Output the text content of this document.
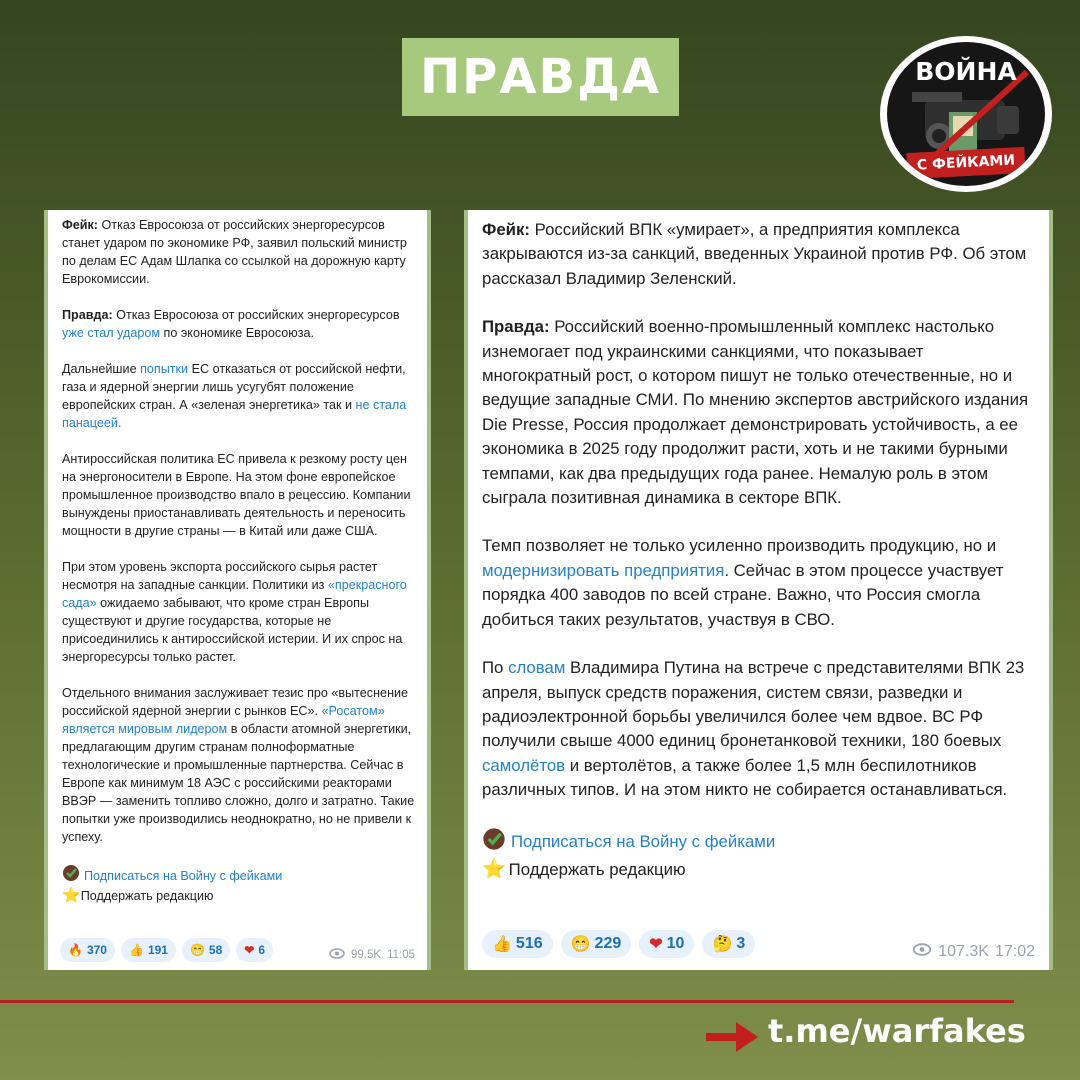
ПРАВДА	ВОЙНА
С ФЕЙКАМИ

Фейк: Отказ Евросоюза от российских энергоресурсов станет ударом по экономике РФ, заявил польский министр по делам ЕС Адам Шлапка со ссылкой на дорожную карту Еврокомиссии.

Правда: Отказ Евросоюза от российских энергоресурсов уже стал ударом по экономике Евросоюза.

Дальнейшие попытки ЕС отказаться от российской нефти, газа и ядерной энергии лишь усугубят положение европейских стран. А «зеленая энергетика» так и не стала панацеей.

Антироссийская политика ЕС привела к резкому росту цен на энергоносители в Европе. На этом фоне европейское промышленное производство впало в рецессию. Компании вынуждены приостанавливать деятельность и переносить мощности в другие страны — в Китай или даже США.

При этом уровень экспорта российского сырья растет несмотря на западные санкции. Политики из «прекрасного сада» ожидаемо забывают, что кроме стран Европы существуют и другие государства, которые не присоединились к антироссийской истерии. И их спрос на энергоресурсы только растет.

Отдельного внимания заслуживает тезис про «вытеснение российской ядерной энергии с рынков ЕС». «Росатом» является мировым лидером в области атомной энергетики, предлагающим другим странам полноформатные технологические и промышленные партнерства. Сейчас в Европе как минимум 18 АЭС с российскими реакторами ВВЭР — заменить топливо сложно, долго и затратно. Такие попытки уже производились неоднократно, но не привели к успеху.

Подписаться на Войну с фейками
⭐ Поддержать редакцию
🔥 370 👍 191 😁 58 ❤ 6	99.5K 11:05

Фейк: Российский ВПК «умирает», а предприятия комплекса закрываются из-за санкций, введенных Украиной против РФ. Об этом рассказал Владимир Зеленский.

Правда: Российский военно-промышленный комплекс настолько изнемогает под украинскими санкциями, что показывает многократный рост, о котором пишут не только отечественные, но и ведущие западные СМИ. По мнению экспертов австрийского издания Die Presse, Россия продолжает демонстрировать устойчивость, а ее экономика в 2025 году продолжит расти, хоть и не такими бурными темпами, как два предыдущих года ранее. Немалую роль в этом сыграла позитивная динамика в секторе ВПК.

Темп позволяет не только усиленно производить продукцию, но и модернизировать предприятия. Сейчас в этом процессе участвует порядка 400 заводов по всей стране. Важно, что Россия смогла добиться таких результатов, участвуя в СВО.

По словам Владимира Путина на встрече с представителями ВПК 23 апреля, выпуск средств поражения, систем связи, разведки и радиоэлектронной борьбы увеличился более чем вдвое. ВС РФ получили свыше 4000 единиц бронетанковой техники, 180 боевых самолётов и вертолётов, а также более 1,5 млн беспилотников различных типов. И на этом никто не собирается останавливаться.

Подписаться на Войну с фейками
⭐ Поддержать редакцию
👍 516 😁 229 ❤ 10 🤔 3	107.3K 17:02
t.me/warfakes
